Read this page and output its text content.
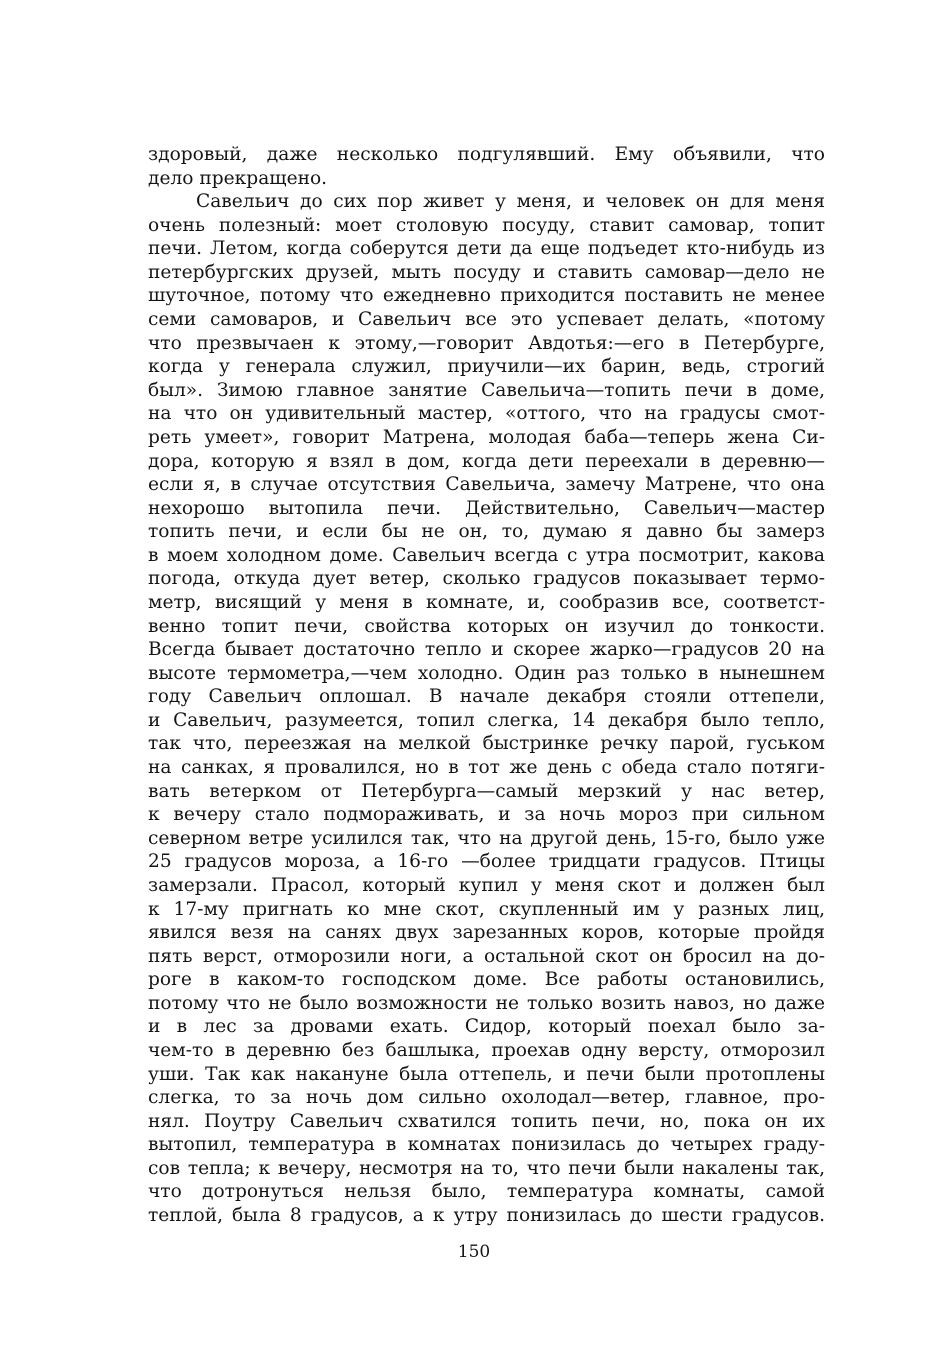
здоровый, даже несколько подгулявший. Ему объявили, что
дело прекращено.
Савельич до сих пор живет у меня, и человек он для меня
очень полезный: моет столовую посуду, ставит самовар, топит
печи. Летом, когда соберутся дети да еще подъедет кто-нибудь из
петербургских друзей, мыть посуду и ставить самовар—дело не
шуточное, потому что ежедневно приходится поставить не менее
семи самоваров, и Савельич все это успевает делать, «потому
что презвычаен к этому,—говорит Авдотья:—его в Петербурге,
когда у генерала служил, приучили—их барин, ведь, строгий
был». Зимою главное занятие Савельича—топить печи в доме,
на что он удивительный мастер, «оттого, что на градусы смот-
реть умеет», говорит Матрена, молодая баба—теперь жена Си-
дора, которую я взял в дом, когда дети переехали в деревню—
если я, в случае отсутствия Савельича, замечу Матрене, что она
нехорошо вытопила печи. Действительно, Савельич—мастер
топить печи, и если бы не он, то, думаю я давно бы замерз
в моем холодном доме. Савельич всегда с утра посмотрит, какова
погода, откуда дует ветер, сколько градусов показывает термо-
метр, висящий у меня в комнате, и, сообразив все, соответст-
венно топит печи, свойства которых он изучил до тонкости.
Всегда бывает достаточно тепло и скорее жарко—градусов 20 на
высоте термометра,—чем холодно. Один раз только в нынешнем
году Савельич оплошал. В начале декабря стояли оттепели,
и Савельич, разумеется, топил слегка, 14 декабря было тепло,
так что, переезжая на мелкой быстринке речку парой, гуськом
на санках, я провалился, но в тот же день с обеда стало потяги-
вать ветерком от Петербурга—самый мерзкий у нас ветер,
к вечеру стало подмораживать, и за ночь мороз при сильном
северном ветре усилился так, что на другой день, 15-го, было уже
25 градусов мороза, а 16-го —более тридцати градусов. Птицы
замерзали. Прасол, который купил у меня скот и должен был
к 17-му пригнать ко мне скот, скупленный им у разных лиц,
явился везя на санях двух зарезанных коров, которые пройдя
пять верст, отморозили ноги, а остальной скот он бросил на до-
роге в каком-то господском доме. Все работы остановились,
потому что не было возможности не только возить навоз, но даже
и в лес за дровами ехать. Сидор, который поехал было за-
чем-то в деревню без башлыка, проехав одну версту, отморозил
уши. Так как накануне была оттепель, и печи были протоплены
слегка, то за ночь дом сильно охолодал—ветер, главное, про-
нял. Поутру Савельич схватился топить печи, но, пока он их
вытопил, температура в комнатах понизилась до четырех граду-
сов тепла; к вечеру, несмотря на то, что печи были накалены так,
что дотронуться нельзя было, температура комнаты, самой
теплой, была 8 градусов, а к утру понизилась до шести градусов.
150
